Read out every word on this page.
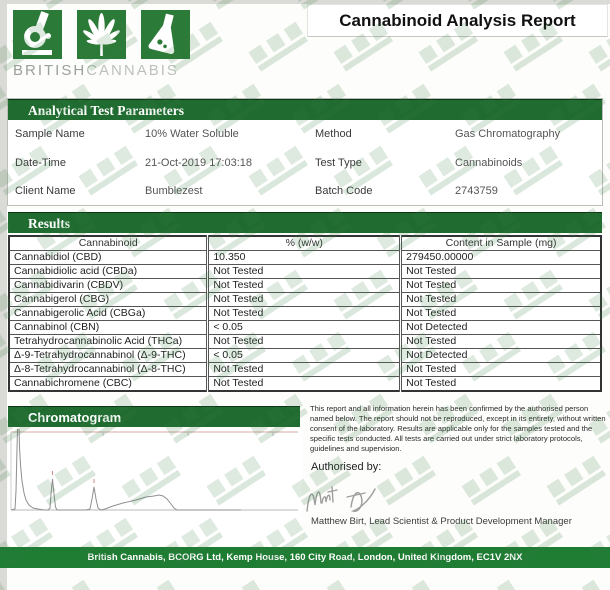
BRITISHCANNABIS
Cannabinoid Analysis Report
Analytical Test Parameters
Sample Name	10% Water Soluble	Method	Gas Chromatography
Date-Time	21-Oct-2019 17:03:18	Test Type	Cannabinoids
Client Name	Bumblezest	Batch Code	2743759
Results
Cannabinoid	% (w/w)	Content in Sample (mg)
Cannabidiol (CBD)	10.350	279450.00000
Cannabidiolic acid (CBDa)	Not Tested	Not Tested
Cannabidivarin (CBDV)	Not Tested	Not Tested
Cannabigerol (CBG)	Not Tested	Not Tested
Cannabigerolic Acid (CBGa)	Not Tested	Not Tested
Cannabinol (CBN)	< 0.05	Not Detected
Tetrahydrocannabinolic Acid (THCa)	Not Tested	Not Tested
Δ-9-Tetrahydrocannabinol (Δ-9-THC)	< 0.05	Not Detected
Δ-8-Tetrahydrocannabinol (Δ-8-THC)	Not Tested	Not Tested
Cannabichromene (CBC)	Not Tested	Not Tested
Chromatogram
This report and all information herein has been confirmed by the authorised person named below. The report should not be reproduced, except in its entirety, without written consent of the laboratory. Results are applicable only for the samples tested and the specific tests conducted. All tests are carried out under strict laboratory protocols, guidelines and supervision.
Authorised by:
Matthew Birt, Lead Scientist & Product Development Manager
British Cannabis, BCORG Ltd, Kemp House, 160 City Road, London, United Kingdom, EC1V 2NX
